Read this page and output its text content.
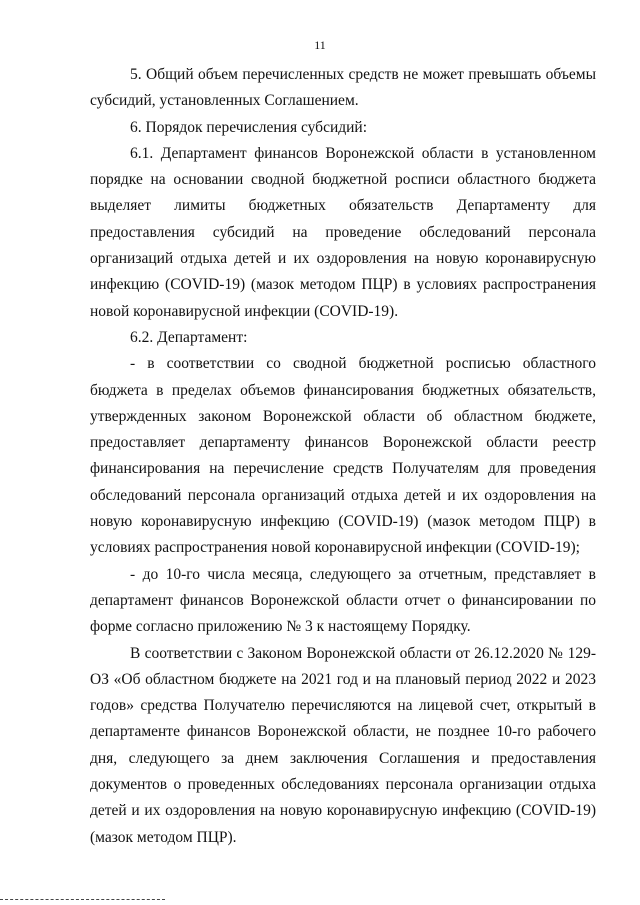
11

5. Общий объем перечисленных средств не может превышать объемы субсидий, установленных Соглашением.

6. Порядок перечисления субсидий:

6.1. Департамент финансов Воронежской области в установленном порядке на основании сводной бюджетной росписи областного бюджета выделяет лимиты бюджетных обязательств Департаменту для предоставления субсидий на проведение обследований персонала организаций отдыха детей и их оздоровления на новую коронавирусную инфекцию (COVID-19) (мазок методом ПЦР) в условиях распространения новой коронавирусной инфекции (COVID-19).

6.2. Департамент:

- в соответствии со сводной бюджетной росписью областного бюджета в пределах объемов финансирования бюджетных обязательств, утвержденных законом Воронежской области об областном бюджете, предоставляет департаменту финансов Воронежской области реестр финансирования на перечисление средств Получателям для проведения обследований персонала организаций отдыха детей и их оздоровления на новую коронавирусную инфекцию (COVID-19) (мазок методом ПЦР) в условиях распространения новой коронавирусной инфекции (COVID-19);

- до 10-го числа месяца, следующего за отчетным, представляет в департамент финансов Воронежской области отчет о финансировании по форме согласно приложению № 3 к настоящему Порядку.

В соответствии с Законом Воронежской области от 26.12.2020 № 129-ОЗ «Об областном бюджете на 2021 год и на плановый период 2022 и 2023 годов» средства Получателю перечисляются на лицевой счет, открытый в департаменте финансов Воронежской области, не позднее 10-го рабочего дня, следующего за днем заключения Соглашения и предоставления документов о проведенных обследованиях персонала организации отдыха детей и их оздоровления на новую коронавирусную инфекцию (COVID-19) (мазок методом ПЦР).
